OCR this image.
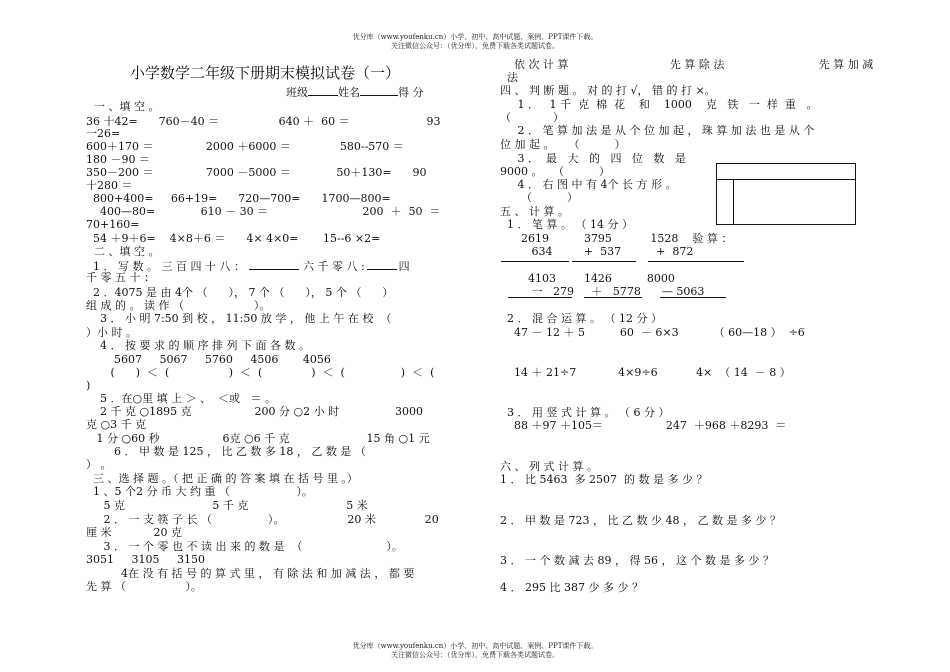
优分库（www.youfenku.cn）小学、初中、高中试题、案例、PPT课件下载。
关注微信公众号：（优分库），免费下载各类试题试卷。
小学数学二年级下册期末模拟试卷（一）
班级	姓名	得 分
一 、填 空 。
36 十42=      760－40 ＝                 640 ＋  60 ＝                      93
一26=
600＋170 ＝               2000 ＋6000 ＝              580--570 ＝
180 －90 ＝
350－200 ＝               7000 －5000 ＝             50＋130=      90
十280 ＝
800+400=     66+19=      720—700=      1700—800=
400—80=             610 － 30 ＝                           200  ＋  50  ＝
70+160=
54 ＋9＋6=    4×8＋6 ＝      4× 4×0=       15--6 ×2=
二 、填 空 。
1 ． 写 数 。 三 百 四 十 八 ：	六 千 零 八 :	四
千 零 五 十 ：
2 ．4075 是 由 4个 （      ）， 7 个 （      ）， 5 个 （      ）
组 成 的 。 读 作 （                    ）。
3 ． 小 明 7:50 到 校 ， 11:50 放 学 ， 他 上 午 在 校  （
）小 时 。
4 ． 按 要 求 的 顺 序 排 列 下 面 各 数 。
5607     5067     5760     4506       4056
(      )  ＜  (                 )  ＜  (              )  ＜  (                )  ＜  (
)
5 ．在○里 填 上 ＞ 、  ＜或   ＝ 。
2 千 克 ○1895 克                  200 分 ○2 小 时                3000
克 ○3 千 克
1 分 ○60 秒                  6克 ○6 千 克                      15 角 ○1 元
6 ． 甲 数 是 125 ， 比 乙 数 多 18 ， 乙 数 是 （
） 。
三 、选 择 题 。（ 把 正 确 的 答 案 填 在 括 号 里 。）
1 、5 个2 分 币 大 约 重 （                   ）。
5 克                         5 千 克                            5 米
2 ． 一 支 筷 子 长 （                ）。                  20 米              20
厘 米            20 克
3 ． 一 个 零 也 不 读 出 来 的 数 是  （                        ）。
3051     3105     3150
4在 没 有 括 号 的 算 式 里 ， 有 除 法 和 加 减 法 ， 都 要
先 算 （                 ）。
依 次 计 算                             先 算 除 法                           先 算 加 减
法
四 、 判 断 题 。 对 的 打 √， 错 的 打 ×。
1 ．   1 千  克  棉  花    和    1000    克   铁   一  样  重   。
（            ）
2 ． 笔 算 加 法 是 从 个 位 加 起 ， 珠 算 加 法 也 是 从 个
位 加 起 。    （          ）
3 ．  最   大   的   四   位   数   是
9000 。   （          ）
4 ． 右 图 中 有 4个 长 方 形 。
（          ）
五 、 计 算 。
1 ． 笔 算 。 （ 14 分 ）
2619          3795           1528    验 算 ：
634         +  537          +  872
4103        1426          8000
一   279     ＋   5778      — 5063
2 ． 混 合 运 算 。 （ 12 分 ）
47 － 12 ＋ 5          60  － 6×3          （ 60—18 ）  ÷6
14 ＋ 21÷7            4×9÷6           4×  （ 14  － 8 ）
3 ． 用 竖 式 计 算 。 （ 6 分 ）
88 ＋97 ＋105＝                  247  ＋968 ＋8293  ＝
六 、 列 式 计 算 。
1 ． 比 5463  多 2507  的 数 是 多 少 ？
2 ． 甲 数 是 723 ， 比 乙 数 少 48 ， 乙 数 是 多 少 ？
3 ． 一 个 数 减 去 89 ， 得 56 ， 这 个 数 是 多 少 ？
4 ． 295 比 387 少 多 少 ？
优分库（www.youfenku.cn）小学、初中、高中试题、案例、PPT课件下载。
关注微信公众号：（优分库），免费下载各类试题试卷。
